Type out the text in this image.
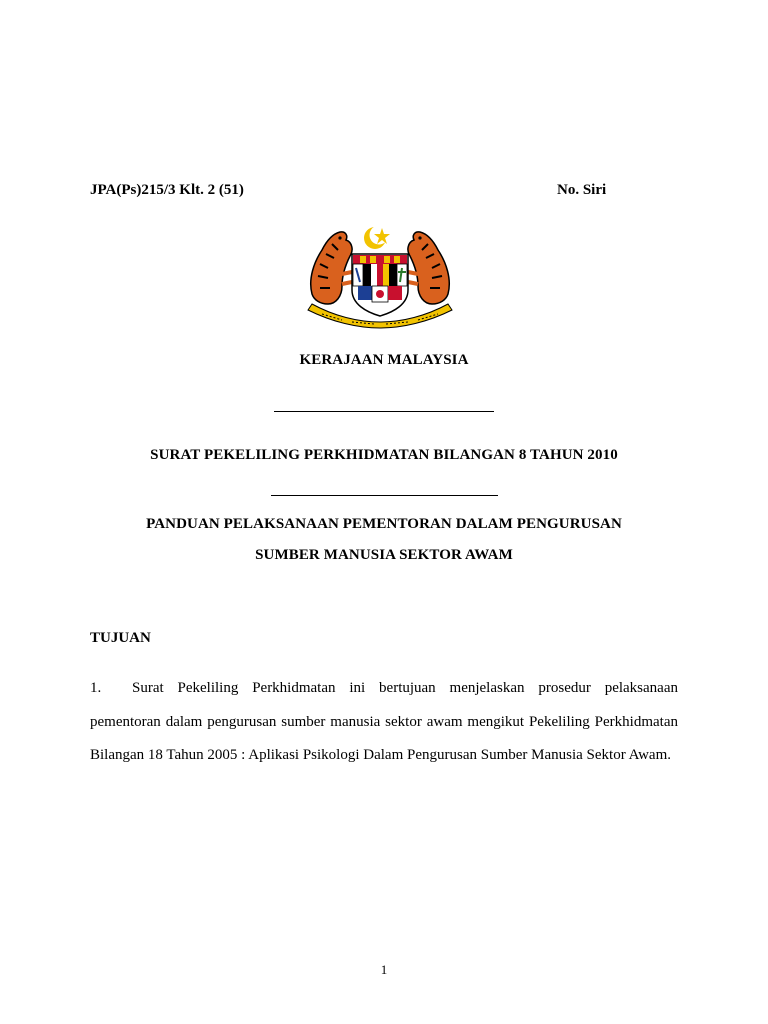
JPA(Ps)215/3 Klt. 2 (51)	No. Siri
KERAJAAN MALAYSIA
SURAT PEKELILING PERKHIDMATAN BILANGAN 8 TAHUN 2010
PANDUAN PELAKSANAAN PEMENTORAN DALAM PENGURUSAN
SUMBER MANUSIA SEKTOR AWAM
TUJUAN
1. Surat Pekeliling Perkhidmatan ini bertujuan menjelaskan prosedur pelaksanaan pementoran dalam pengurusan sumber manusia sektor awam mengikut Pekeliling Perkhidmatan Bilangan 18 Tahun 2005 : Aplikasi Psikologi Dalam Pengurusan Sumber Manusia Sektor Awam.
1
